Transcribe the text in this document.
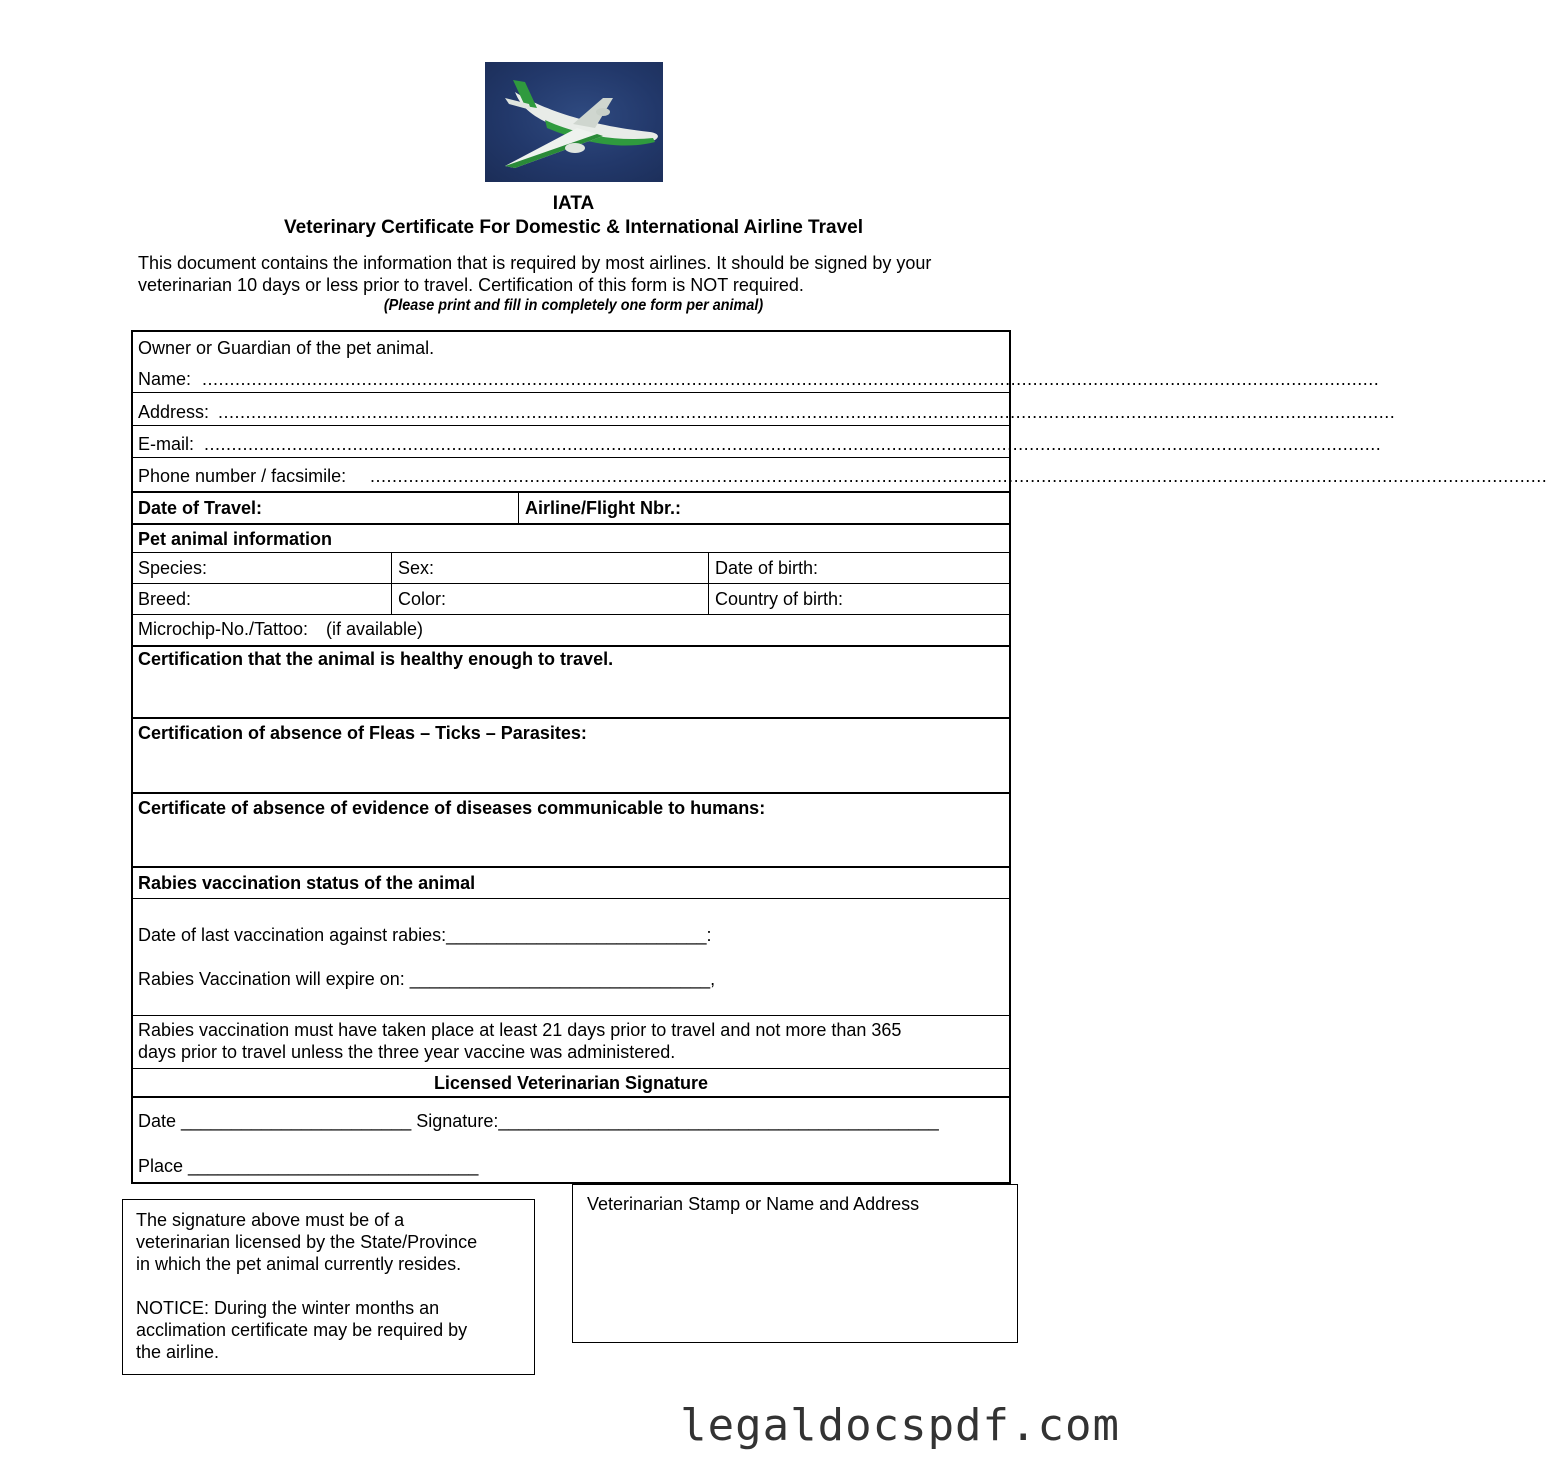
IATA
Veterinary Certificate For Domestic & International Airline Travel
This document contains the information that is required by most airlines. It should be signed by your
veterinarian 10 days or less prior to travel. Certification of this form is NOT required.
(Please print and fill in completely one form per animal)
Owner or Guardian of the pet animal.
Name: ......................................................................................................................................................................................................................
Address: ......................................................................................................................................................................................................................
E-mail: ......................................................................................................................................................................................................................
Phone number / facsimile: ......................................................................................................................................................................................................................
Date of Travel:	Airline/Flight Nbr.:
Pet animal information
Species:	Sex:	Date of birth:
Breed:	Color:	Country of birth:
Microchip-No./Tattoo: (if available)
Certification that the animal is healthy enough to travel.
Certification of absence of Fleas – Ticks – Parasites:
Certificate of absence of evidence of diseases communicable to humans:
Rabies vaccination status of the animal
Date of last vaccination against rabies:__________________________:
Rabies Vaccination will expire on: ______________________________,
Rabies vaccination must have taken place at least 21 days prior to travel and not more than 365
days prior to travel unless the three year vaccine was administered.
Licensed Veterinarian Signature
Date _______________________ Signature:____________________________________________
Place _____________________________
The signature above must be of a
veterinarian licensed by the State/Province
in which the pet animal currently resides.
NOTICE: During the winter months an
acclimation certificate may be required by
the airline.
Veterinarian Stamp or Name and Address
legaldocspdf.com
